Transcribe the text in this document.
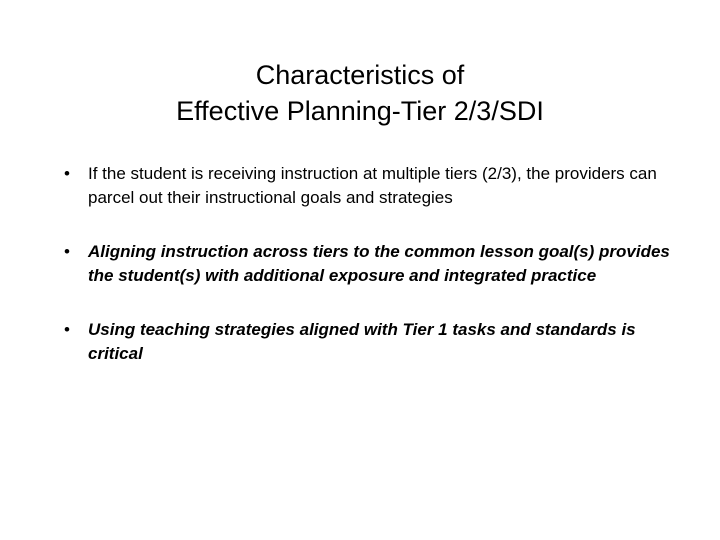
Characteristics of
Effective Planning-Tier 2/3/SDI
• If the student is receiving instruction at multiple tiers (2/3), the providers can parcel out their instructional goals and strategies
• Aligning instruction across tiers to the common lesson goal(s) provides the student(s) with additional exposure and integrated practice
• Using teaching strategies aligned with Tier 1 tasks and standards is critical
